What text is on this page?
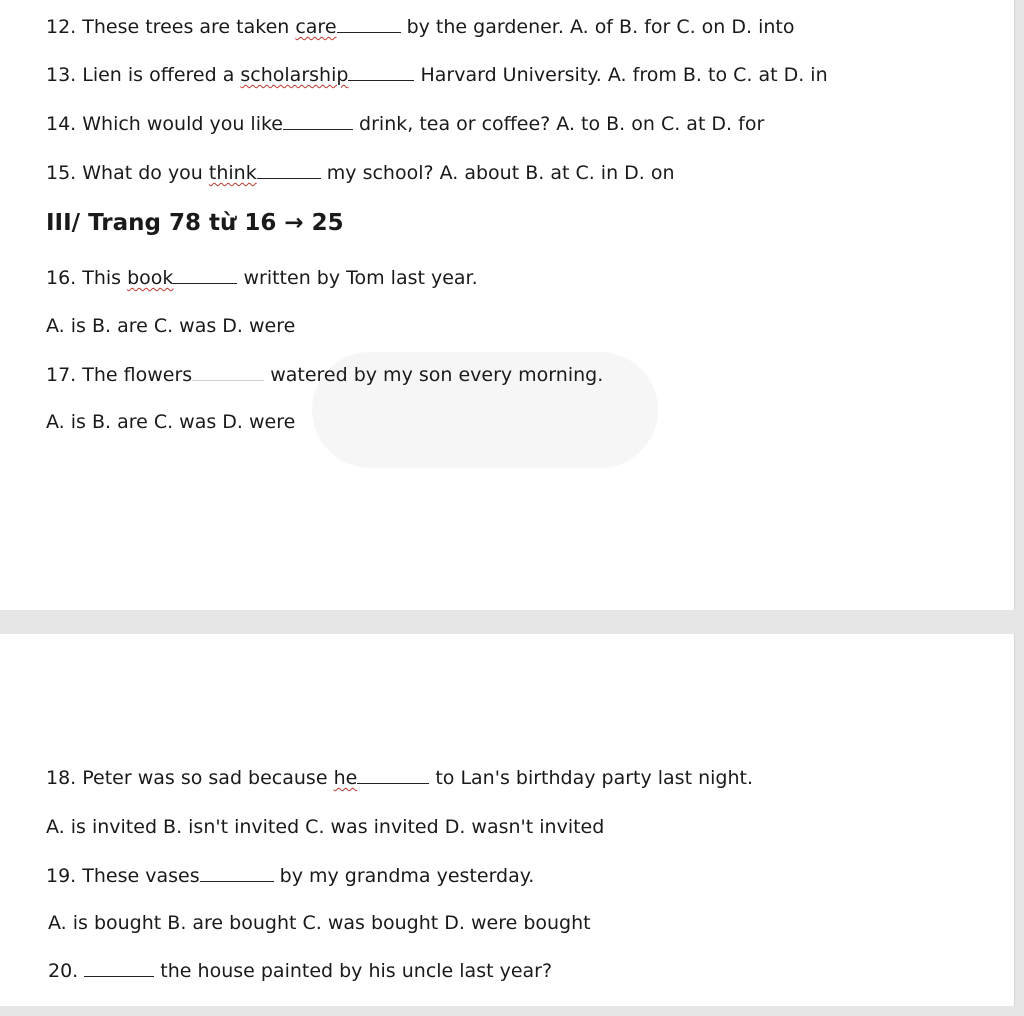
12. These trees are taken care	by the gardener. A. of B. for C. on D. into
13. Lien is offered a scholarship	Harvard University. A. from B. to C. at D. in
14. Which would you like	drink, tea or coffee? A. to B. on C. at D. for
15. What do you think	my school? A. about B. at C. in D. on
III/ Trang 78 từ 16 → 25
16. This book	written by Tom last year.
A. is B. are C. was D. were
17. The flowers	watered by my son every morning.
A. is B. are C. was D. were
18. Peter was so sad because he	to Lan's birthday party last night.
A. is invited B. isn't invited C. was invited D. wasn't invited
19. These vases	by my grandma yesterday.
A. is bought B. are bought C. was bought D. were bought
20.	the house painted by his uncle last year?
